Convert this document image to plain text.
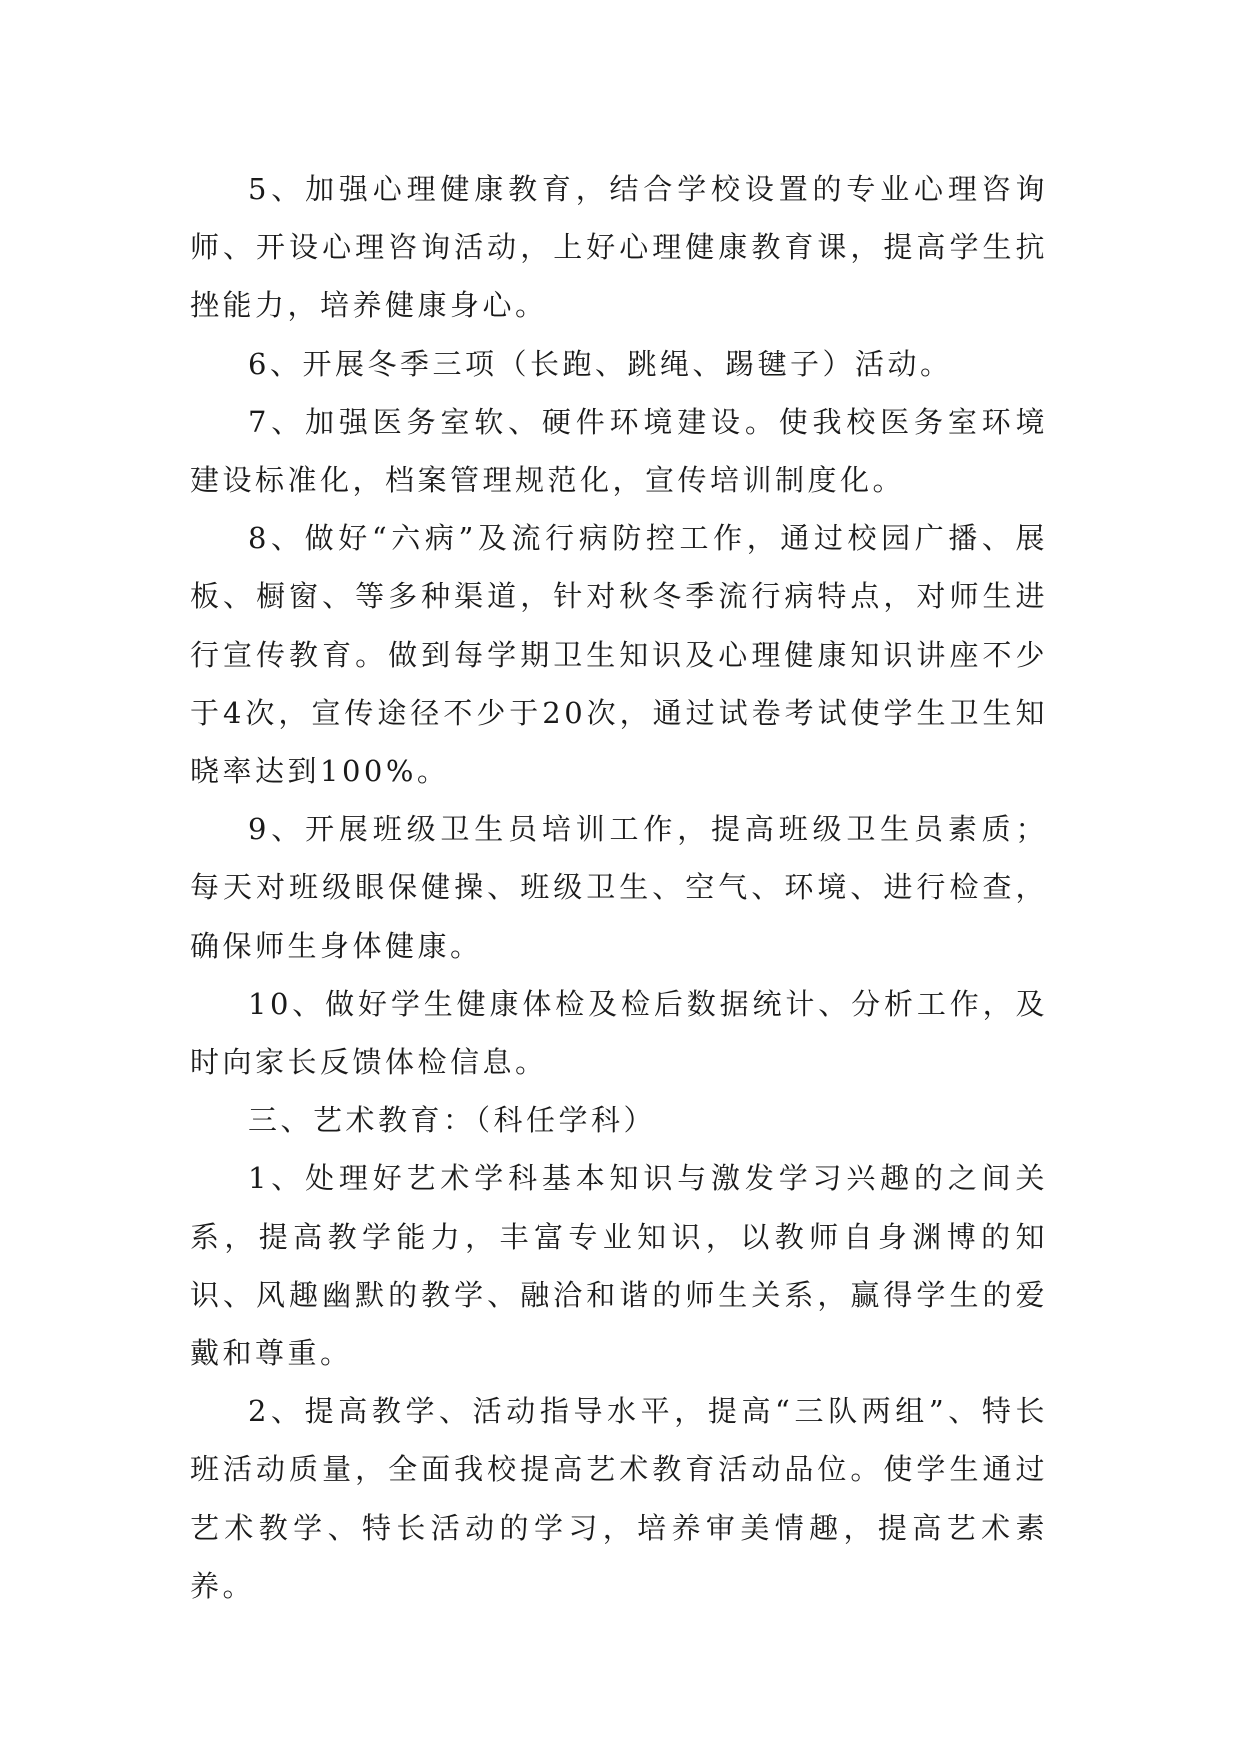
5、加强心理健康教育，结合学校设置的专业心理咨询师、开设心理咨询活动，上好心理健康教育课，提高学生抗挫能力，培养健康身心。

6、开展冬季三项（长跑、跳绳、踢毽子）活动。

7、加强医务室软、硬件环境建设。使我校医务室环境建设标准化，档案管理规范化，宣传培训制度化。

8、做好“六病”及流行病防控工作，通过校园广播、展板、橱窗、等多种渠道，针对秋冬季流行病特点，对师生进行宣传教育。做到每学期卫生知识及心理健康知识讲座不少于4次，宣传途径不少于20次，通过试卷考试使学生卫生知晓率达到100%。

9、开展班级卫生员培训工作，提高班级卫生员素质；每天对班级眼保健操、班级卫生、空气、环境、进行检查，确保师生身体健康。

10、做好学生健康体检及检后数据统计、分析工作，及时向家长反馈体检信息。

三、艺术教育：（科任学科）

1、处理好艺术学科基本知识与激发学习兴趣的之间关系，提高教学能力，丰富专业知识，以教师自身渊博的知识、风趣幽默的教学、融洽和谐的师生关系，赢得学生的爱戴和尊重。

2、提高教学、活动指导水平，提高“三队两组”、特长班活动质量，全面我校提高艺术教育活动品位。使学生通过艺术教学、特长活动的学习，培养审美情趣，提高艺术素养。
